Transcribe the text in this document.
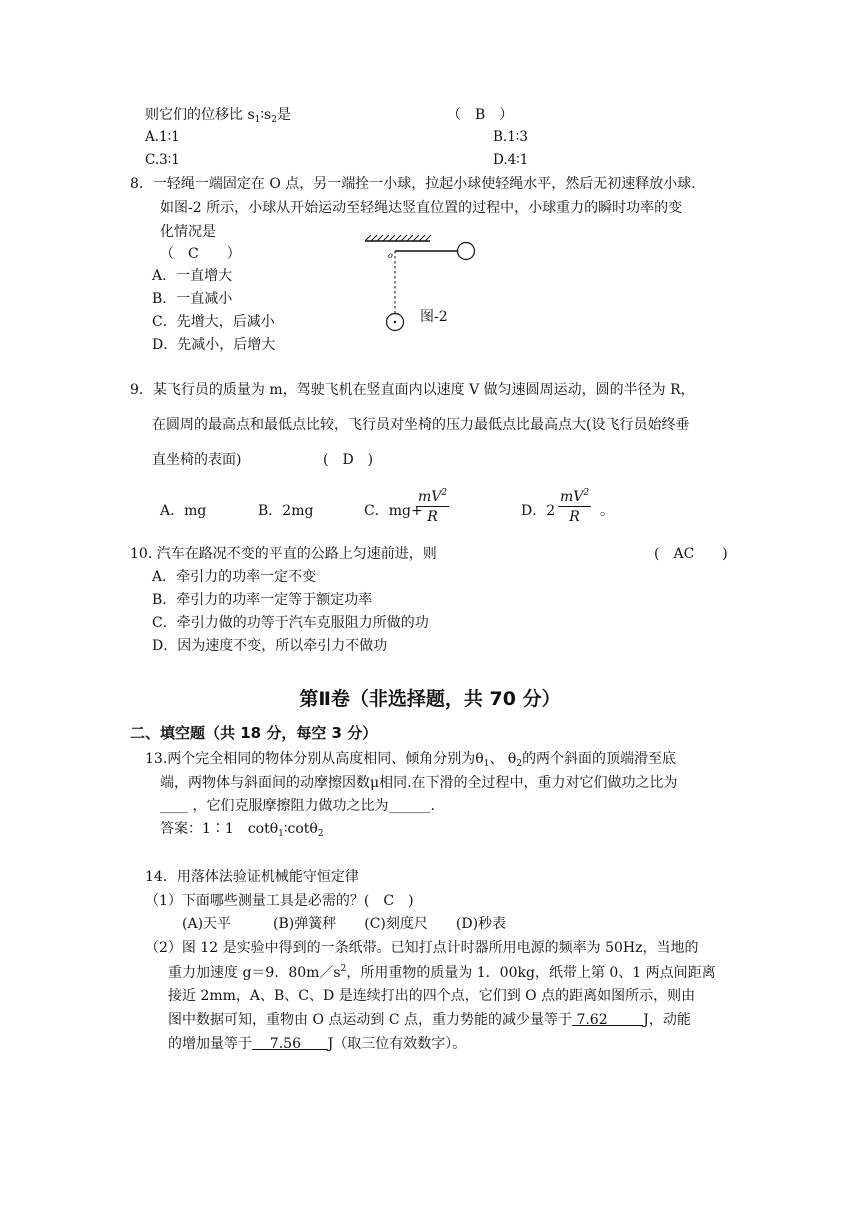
则它们的位移比 $s_1∶s_2$是	（　B　）
A.1∶1	B.1∶3
C.3∶1	D.4∶1
8．一轻绳一端固定在 O 点，另一端拴一小球，拉起小球使轻绳水平，然后无初速释放小球.
如图-2 所示，小球从开始运动至轻绳达竖直位置的过程中，小球重力的瞬时功率的变
化情况是
（　C　　）
A．一直增大
B．一直减小
C．先增大，后减小
D．先减小，后增大
o
图-2
9．某飞行员的质量为 m，驾驶飞机在竖直面内以速度 V 做匀速圆周运动，圆的半径为 R，
在圆周的最高点和最低点比较，飞行员对坐椅的压力最低点比最高点大(设飞行员始终垂
直坐椅的表面)	(　D　)
A．mg	B．2mg	C．mg+
$\frac{mV^2}{R}$	D．$2 \frac{mV^2}{R}$ 。
10. 汽车在路况不变的平直的公路上匀速前进，则	(　AC　　)
A．牵引力的功率一定不变
B．牵引力的功率一定等于额定功率
C．牵引力做的功等于汽车克服阻力所做的功
D．因为速度不变，所以牵引力不做功
第Ⅱ卷（非选择题，共 70 分）
二、填空题（共 18 分，每空 3 分）
13.两个完全相同的物体分别从高度相同、倾角分别为$\theta_1$、 $\theta_2$的两个斜面的顶端滑至底
端，两物体与斜面间的动摩擦因数μ相同.在下滑的全过程中，重力对它们做功之比为
____ ，它们克服摩擦阻力做功之比为______.
答案：1∶1　cotθ$_1$∶cotθ$_2$
14．用落体法验证机械能守恒定律
（1）下面哪些测量工具是必需的？(　C　)
(A)天平　　　(B)弹簧秤　　(C)刻度尺　　(D)秒表
（2）图 12 是实验中得到的一条纸带。已知打点计时器所用电源的频率为 50Hz，当地的
重力加速度 g＝9．$80m/s^2$，所用重物的质量为 1．00kg，纸带上第 0、1 两点间距离
接近 2mm，A、B、C、D 是连续打出的四个点，它们到 O 点的距离如图所示，则由
图中数据可知，重物由 O 点运动到 C 点，重力势能的减少量等于 7.62        J，动能
的增加量等于    7.56      J（取三位有效数字）。
